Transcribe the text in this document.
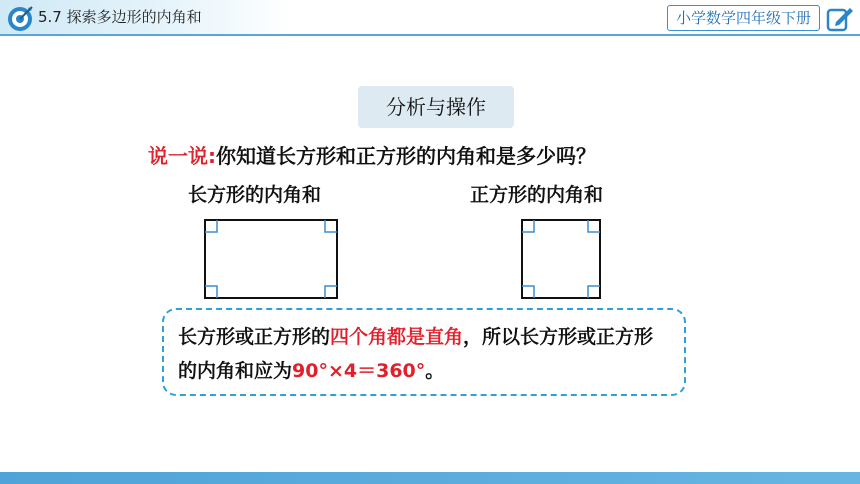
5.7 探索多边形的内角和	小学数学四年级下册
分析与操作
说一说:你知道长方形和正方形的内角和是多少吗？
长方形的内角和	正方形的内角和
长方形或正方形的四个角都是直角，所以长方形或正方形的内角和应为90°×4＝360°。
